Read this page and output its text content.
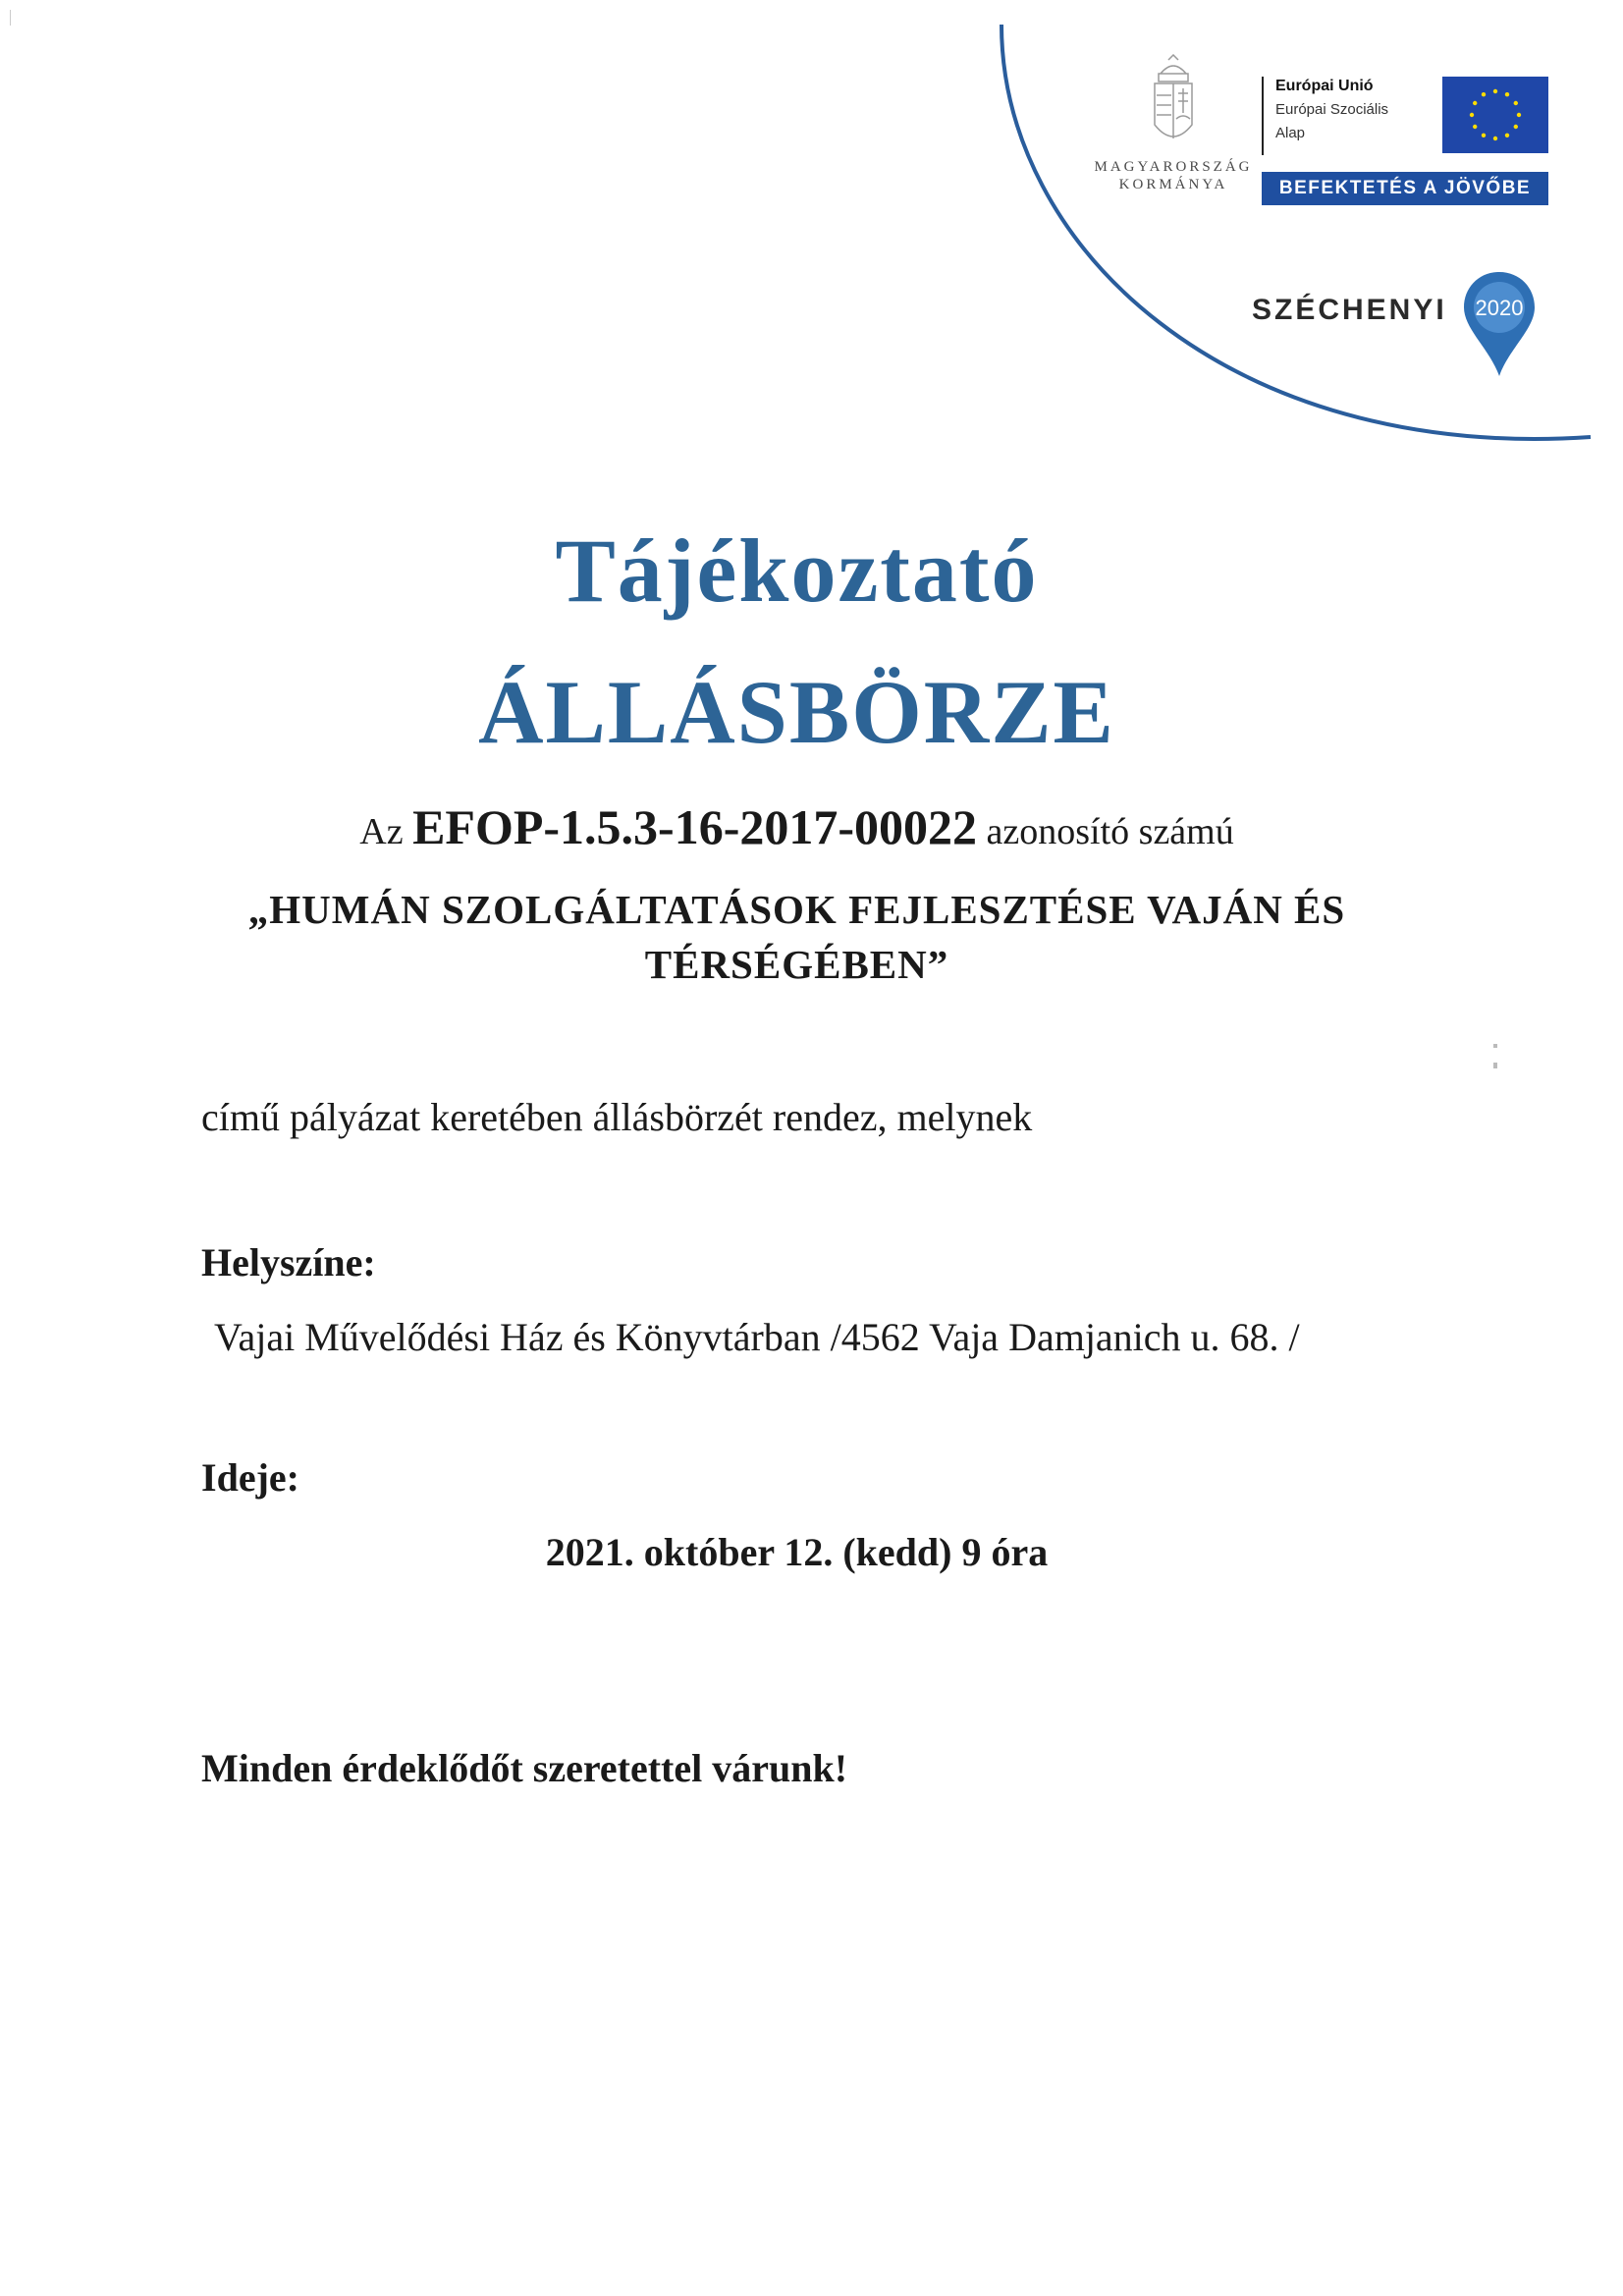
MAGYARORSZÁG
KORMÁNYA
Európai Unió
Európai Szociális
Alap
BEFEKTETÉS A JÖVŐBE
SZÉCHENYI 2020
Tájékoztató
ÁLLÁSBÖRZE
Az EFOP-1.5.3-16-2017-00022 azonosító számú
„HUMÁN SZOLGÁLTATÁSOK FEJLESZTÉSE VAJÁN ÉS
TÉRSÉGÉBEN”
című pályázat keretében állásbörzét rendez, melynek
Helyszíne:
Vajai Művelődési Ház és Könyvtárban /4562 Vaja Damjanich u. 68. /
Ideje:
2021. október 12. (kedd) 9 óra
Minden érdeklődőt szeretettel várunk!
